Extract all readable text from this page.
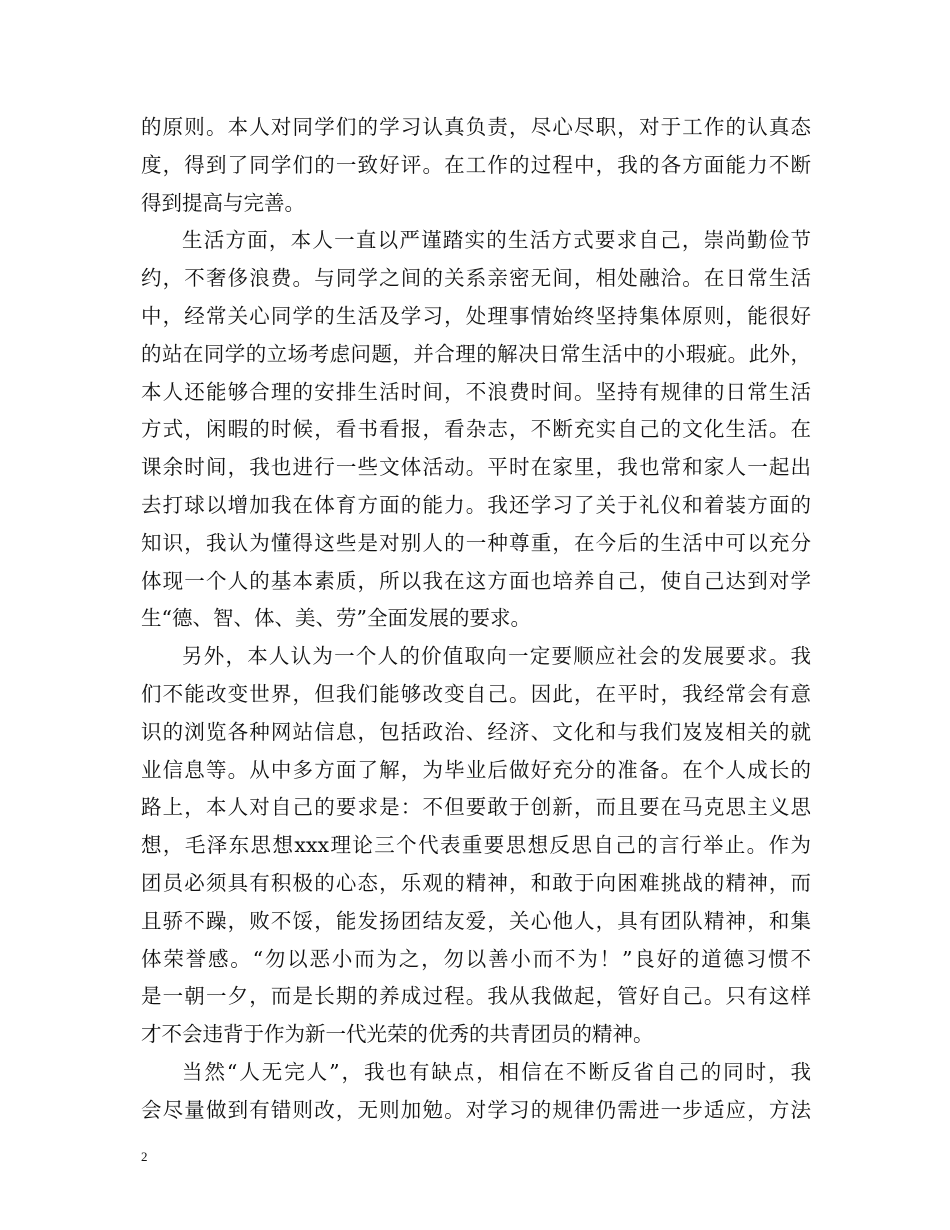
的原则。本人对同学们的学习认真负责，尽心尽职，对于工作的认真态
度，得到了同学们的一致好评。在工作的过程中，我的各方面能力不断
得到提高与完善。
生活方面，本人一直以严谨踏实的生活方式要求自己，崇尚勤俭节
约，不奢侈浪费。与同学之间的关系亲密无间，相处融洽。在日常生活
中，经常关心同学的生活及学习，处理事情始终坚持集体原则，能很好
的站在同学的立场考虑问题，并合理的解决日常生活中的小瑕疵。此外，
本人还能够合理的安排生活时间，不浪费时间。坚持有规律的日常生活
方式，闲暇的时候，看书看报，看杂志，不断充实自己的文化生活。在
课余时间，我也进行一些文体活动。平时在家里，我也常和家人一起出
去打球以增加我在体育方面的能力。我还学习了关于礼仪和着装方面的
知识，我认为懂得这些是对别人的一种尊重，在今后的生活中可以充分
体现一个人的基本素质，所以我在这方面也培养自己，使自己达到对学
生“德、智、体、美、劳”全面发展的要求。
另外，本人认为一个人的价值取向一定要顺应社会的发展要求。我
们不能改变世界，但我们能够改变自己。因此，在平时，我经常会有意
识的浏览各种网站信息，包括政治、经济、文化和与我们岌岌相关的就
业信息等。从中多方面了解，为毕业后做好充分的准备。在个人成长的
路上，本人对自己的要求是：不但要敢于创新，而且要在马克思主义思
想，毛泽东思想xxx理论三个代表重要思想反思自己的言行举止。作为
团员必须具有积极的心态，乐观的精神，和敢于向困难挑战的精神，而
且骄不躁，败不馁，能发扬团结友爱，关心他人，具有团队精神，和集
体荣誉感。“勿以恶小而为之，勿以善小而不为！”良好的道德习惯不
是一朝一夕，而是长期的养成过程。我从我做起，管好自己。只有这样
才不会违背于作为新一代光荣的优秀的共青团员的精神。
当然“人无完人”，我也有缺点，相信在不断反省自己的同时，我
会尽量做到有错则改，无则加勉。对学习的规律仍需进一步适应，方法
2
